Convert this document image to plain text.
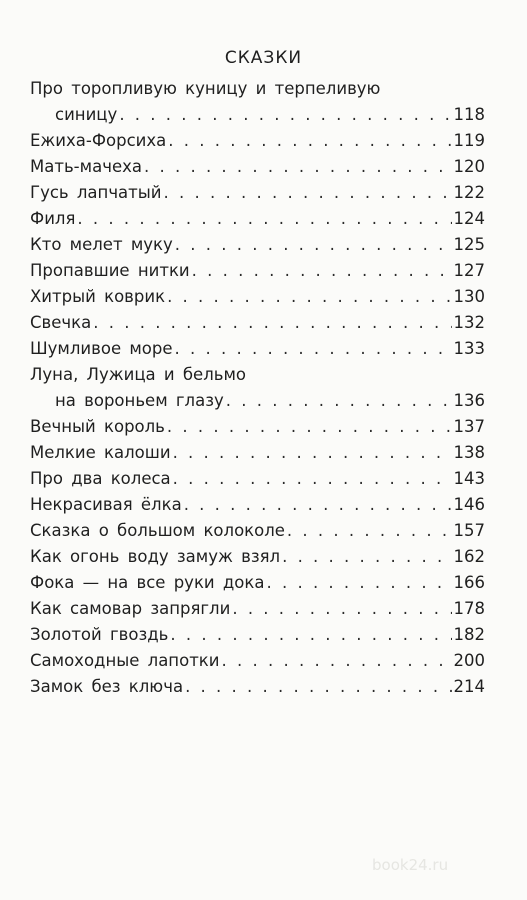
book24.ru
СКАЗКИ
Про торопливую куницу и терпеливую
синицу . . .	118
Ежиха-Форсиха . . .	119
Мать-мачеха . . .	120
Гусь лапчатый . . .	122
Филя . . .	124
Кто мелет муку . . .	125
Пропавшие нитки . . .	127
Хитрый коврик . . .	130
Свечка . . .	132
Шумливое море . . .	133
Луна, Лужица и бельмо
на вороньем глазу . . .	136
Вечный король . . .	137
Мелкие калоши . . .	138
Про два колеса . . .	143
Некрасивая ёлка . . .	146
Сказка о большом колоколе . . .	157
Как огонь воду замуж взял . . .	162
Фока — на все руки дока . . .	166
Как самовар запрягли . . .	178
Золотой гвоздь . . .	182
Самоходные лапотки . . .	200
Замок без ключа . . .	214
